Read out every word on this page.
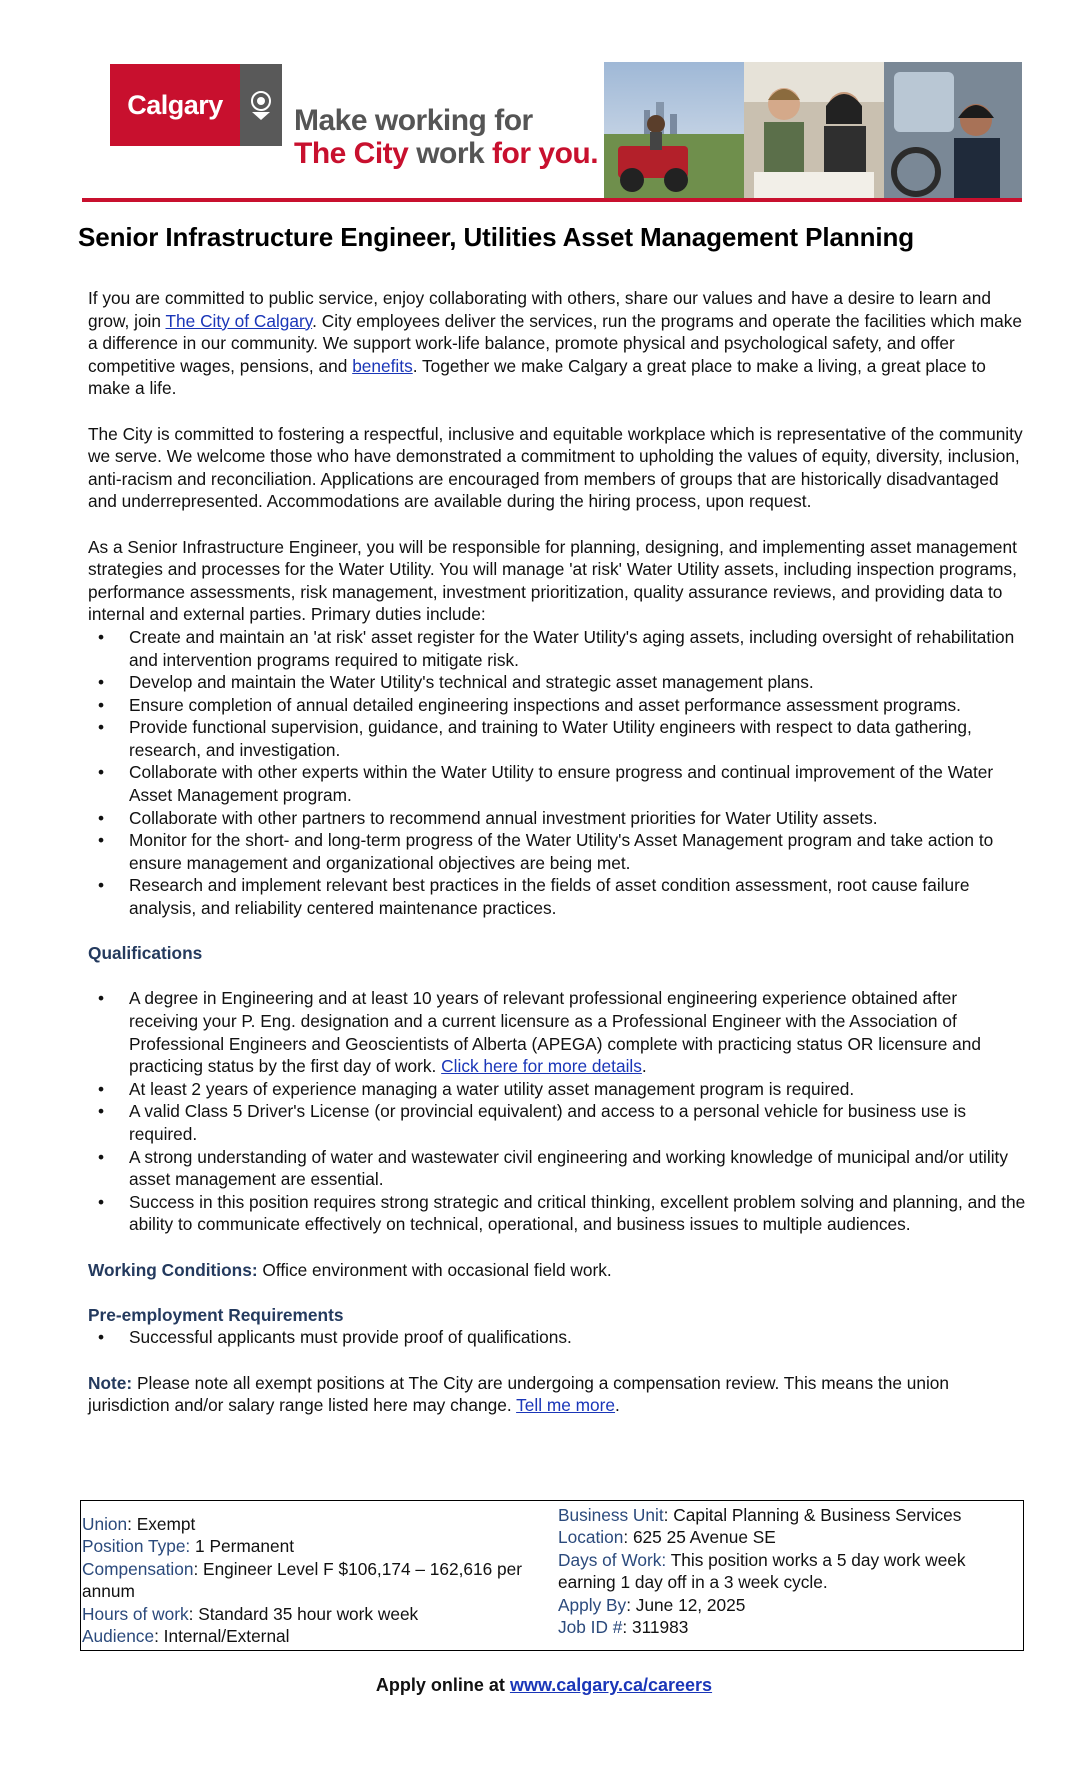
Calgary	Make working for
The City work for you.
Senior Infrastructure Engineer, Utilities Asset Management Planning

If you are committed to public service, enjoy collaborating with others, share our values and have a desire to learn and grow, join The City of Calgary. City employees deliver the services, run the programs and operate the facilities which make a difference in our community. We support work-life balance, promote physical and psychological safety, and offer competitive wages, pensions, and benefits. Together we make Calgary a great place to make a living, a great place to make a life.

The City is committed to fostering a respectful, inclusive and equitable workplace which is representative of the community we serve. We welcome those who have demonstrated a commitment to upholding the values of equity, diversity, inclusion, anti-racism and reconciliation. Applications are encouraged from members of groups that are historically disadvantaged and underrepresented. Accommodations are available during the hiring process, upon request.

As a Senior Infrastructure Engineer, you will be responsible for planning, designing, and implementing asset management strategies and processes for the Water Utility. You will manage 'at risk' Water Utility assets, including inspection programs, performance assessments, risk management, investment prioritization, quality assurance reviews, and providing data to internal and external parties. Primary duties include:

• Create and maintain an 'at risk' asset register for the Water Utility's aging assets, including oversight of rehabilitation and intervention programs required to mitigate risk.
• Develop and maintain the Water Utility's technical and strategic asset management plans.
• Ensure completion of annual detailed engineering inspections and asset performance assessment programs.
• Provide functional supervision, guidance, and training to Water Utility engineers with respect to data gathering, research, and investigation.
• Collaborate with other experts within the Water Utility to ensure progress and continual improvement of the Water Asset Management program.
• Collaborate with other partners to recommend annual investment priorities for Water Utility assets.
• Monitor for the short- and long-term progress of the Water Utility's Asset Management program and take action to ensure management and organizational objectives are being met.
• Research and implement relevant best practices in the fields of asset condition assessment, root cause failure analysis, and reliability centered maintenance practices.

Qualifications

• A degree in Engineering and at least 10 years of relevant professional engineering experience obtained after receiving your P. Eng. designation and a current licensure as a Professional Engineer with the Association of Professional Engineers and Geoscientists of Alberta (APEGA) complete with practicing status OR licensure and practicing status by the first day of work. Click here for more details.
• At least 2 years of experience managing a water utility asset management program is required.
• A valid Class 5 Driver's License (or provincial equivalent) and access to a personal vehicle for business use is required.
• A strong understanding of water and wastewater civil engineering and working knowledge of municipal and/or utility asset management are essential.
• Success in this position requires strong strategic and critical thinking, excellent problem solving and planning, and the ability to communicate effectively on technical, operational, and business issues to multiple audiences.

Working Conditions: Office environment with occasional field work.

Pre-employment Requirements

• Successful applicants must provide proof of qualifications.

Note: Please note all exempt positions at The City are undergoing a compensation review. This means the union jurisdiction and/or salary range listed here may change. Tell me more.

Union: Exempt
Position Type: 1 Permanent
Compensation: Engineer Level F $106,174 – 162,616 per annum
Hours of work: Standard 35 hour work week
Audience: Internal/External

Business Unit: Capital Planning & Business Services
Location: 625 25 Avenue SE
Days of Work: This position works a 5 day work week earning 1 day off in a 3 week cycle.
Apply By: June 12, 2025
Job ID #: 311983
Apply online at www.calgary.ca/careers
